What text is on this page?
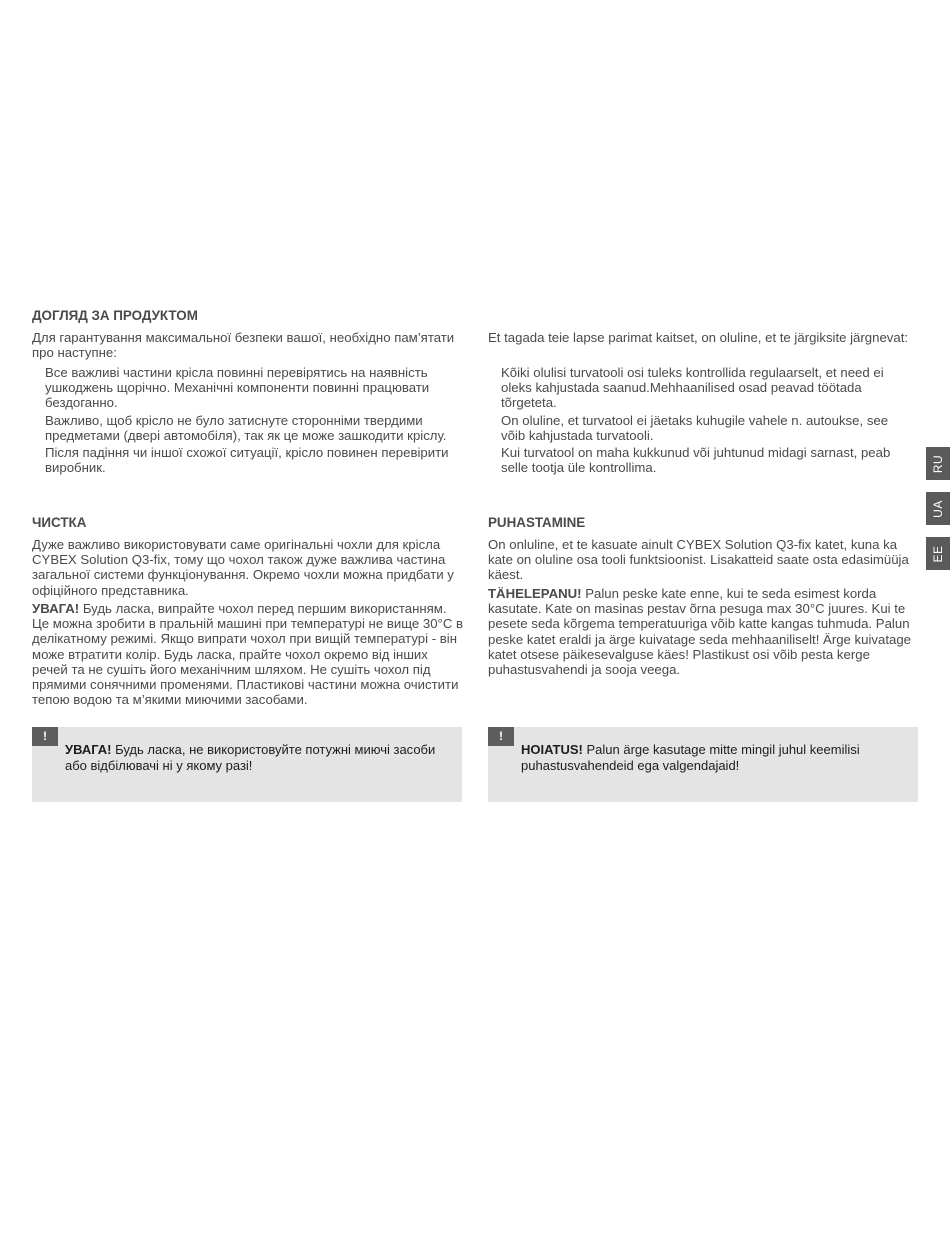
ДОГЛЯД ЗА ПРОДУКТОМ

Для гарантування максимальної безпеки вашої, необхідно пам’ятати про наступне:

Все важливі частини крісла повинні перевірятись на наявність ушкоджень щорічно. Механічні компоненти повинні працювати бездоганно.
Важливо, щоб крісло не було затиснуте сторонніми твердими предметами (двері автомобіля), так як це може зашкодити кріслу.
Після падіння чи іншої схожої ситуації, крісло повинен перевірити виробник.
ЧИСТКА

Дуже важливо використовувати саме оригінальні чохли для крісла CYBEX Solution Q3-fix, тому що чохол також дуже важлива частина загальної системи функціонування. Окремо чохли можна придбати у офіційного представника.

УВАГА! Будь ласка, випрайте чохол перед першим використанням. Це можна зробити в пральній машині при температурі не вище 30°С в делікатному режимі. Якщо випрати чохол при вищій температурі - він може втратити колір. Будь ласка, прайте чохол окремо від інших речей та не сушіть його механічним шляхом. Не сушіть чохол під прямими сонячними променями. Пластикові частини можна очистити тепою водою та м’якими миючими засобами.

!

УВАГА! Будь ласка, не використовуйте потужні миючі засоби або відбілювачі ні у якому разі!

Et tagada teie lapse parimat kaitset, on oluline, et te järgiksite järgnevat:

Kõiki olulisi turvatooli osi tuleks kontrollida regulaarselt, et need ei oleks kahjustada saanud.Mehhaanilised osad peavad töötada tõrgeteta.
On oluline, et turvatool ei jäetaks kuhugile vahele n. autoukse, see võib kahjustada turvatooli.
Kui turvatool on maha kukkunud või juhtunud midagi sarnast, peab selle tootja üle kontrollima.
PUHASTAMINE

On onluline, et te kasuate ainult CYBEX Solution Q3-fix katet, kuna ka kate on oluline osa tooli funktsioonist. Lisakatteid saate osta edasimüüja käest.

TÄHELEPANU! Palun peske kate enne, kui te seda esimest korda kasutate. Kate on masinas pestav õrna pesuga max 30°C juures. Kui te pesete seda kõrgema temperatuuriga võib katte kangas tuhmuda. Palun peske katet eraldi ja ärge kuivatage seda mehhaaniliselt! Ärge kuivatage katet otsese päikesevalguse käes! Plastikust osi võib pesta kerge puhastusvahendi ja sooja veega.

!

HOIATUS! Palun ärge kasutage mitte mingil juhul keemilisi puhastusvahendeid ega valgendajaid!

RU
UA
EE
